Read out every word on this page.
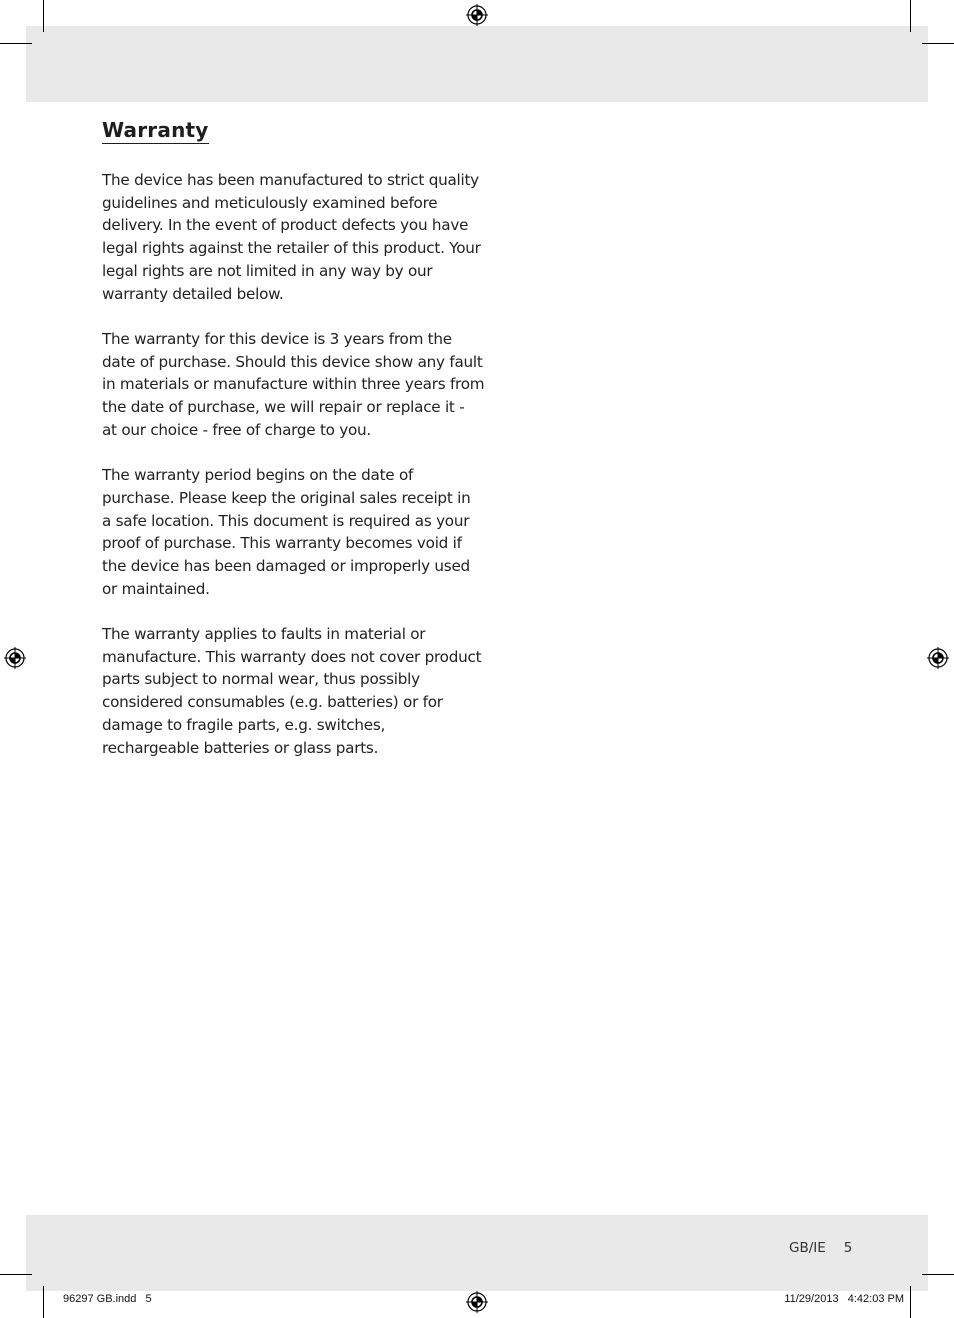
Warranty

The device has been manufactured to strict quality
guidelines and meticulously examined before
delivery. In the event of product defects you have
legal rights against the retailer of this product. Your
legal rights are not limited in any way by our
warranty detailed below.

The warranty for this device is 3 years from the
date of purchase. Should this device show any fault
in materials or manufacture within three years from
the date of purchase, we will repair or replace it -
at our choice - free of charge to you.

The warranty period begins on the date of
purchase. Please keep the original sales receipt in
a safe location. This document is required as your
proof of purchase. This warranty becomes void if
the device has been damaged or improperly used
or maintained.

The warranty applies to faults in material or
manufacture. This warranty does not cover product
parts subject to normal wear, thus possibly
considered consumables (e.g. batteries) or for
damage to fragile parts, e.g. switches,
rechargeable batteries or glass parts.

GB/IE 5
96297 GB.indd   5	11/29/2013   4:42:03 PM
